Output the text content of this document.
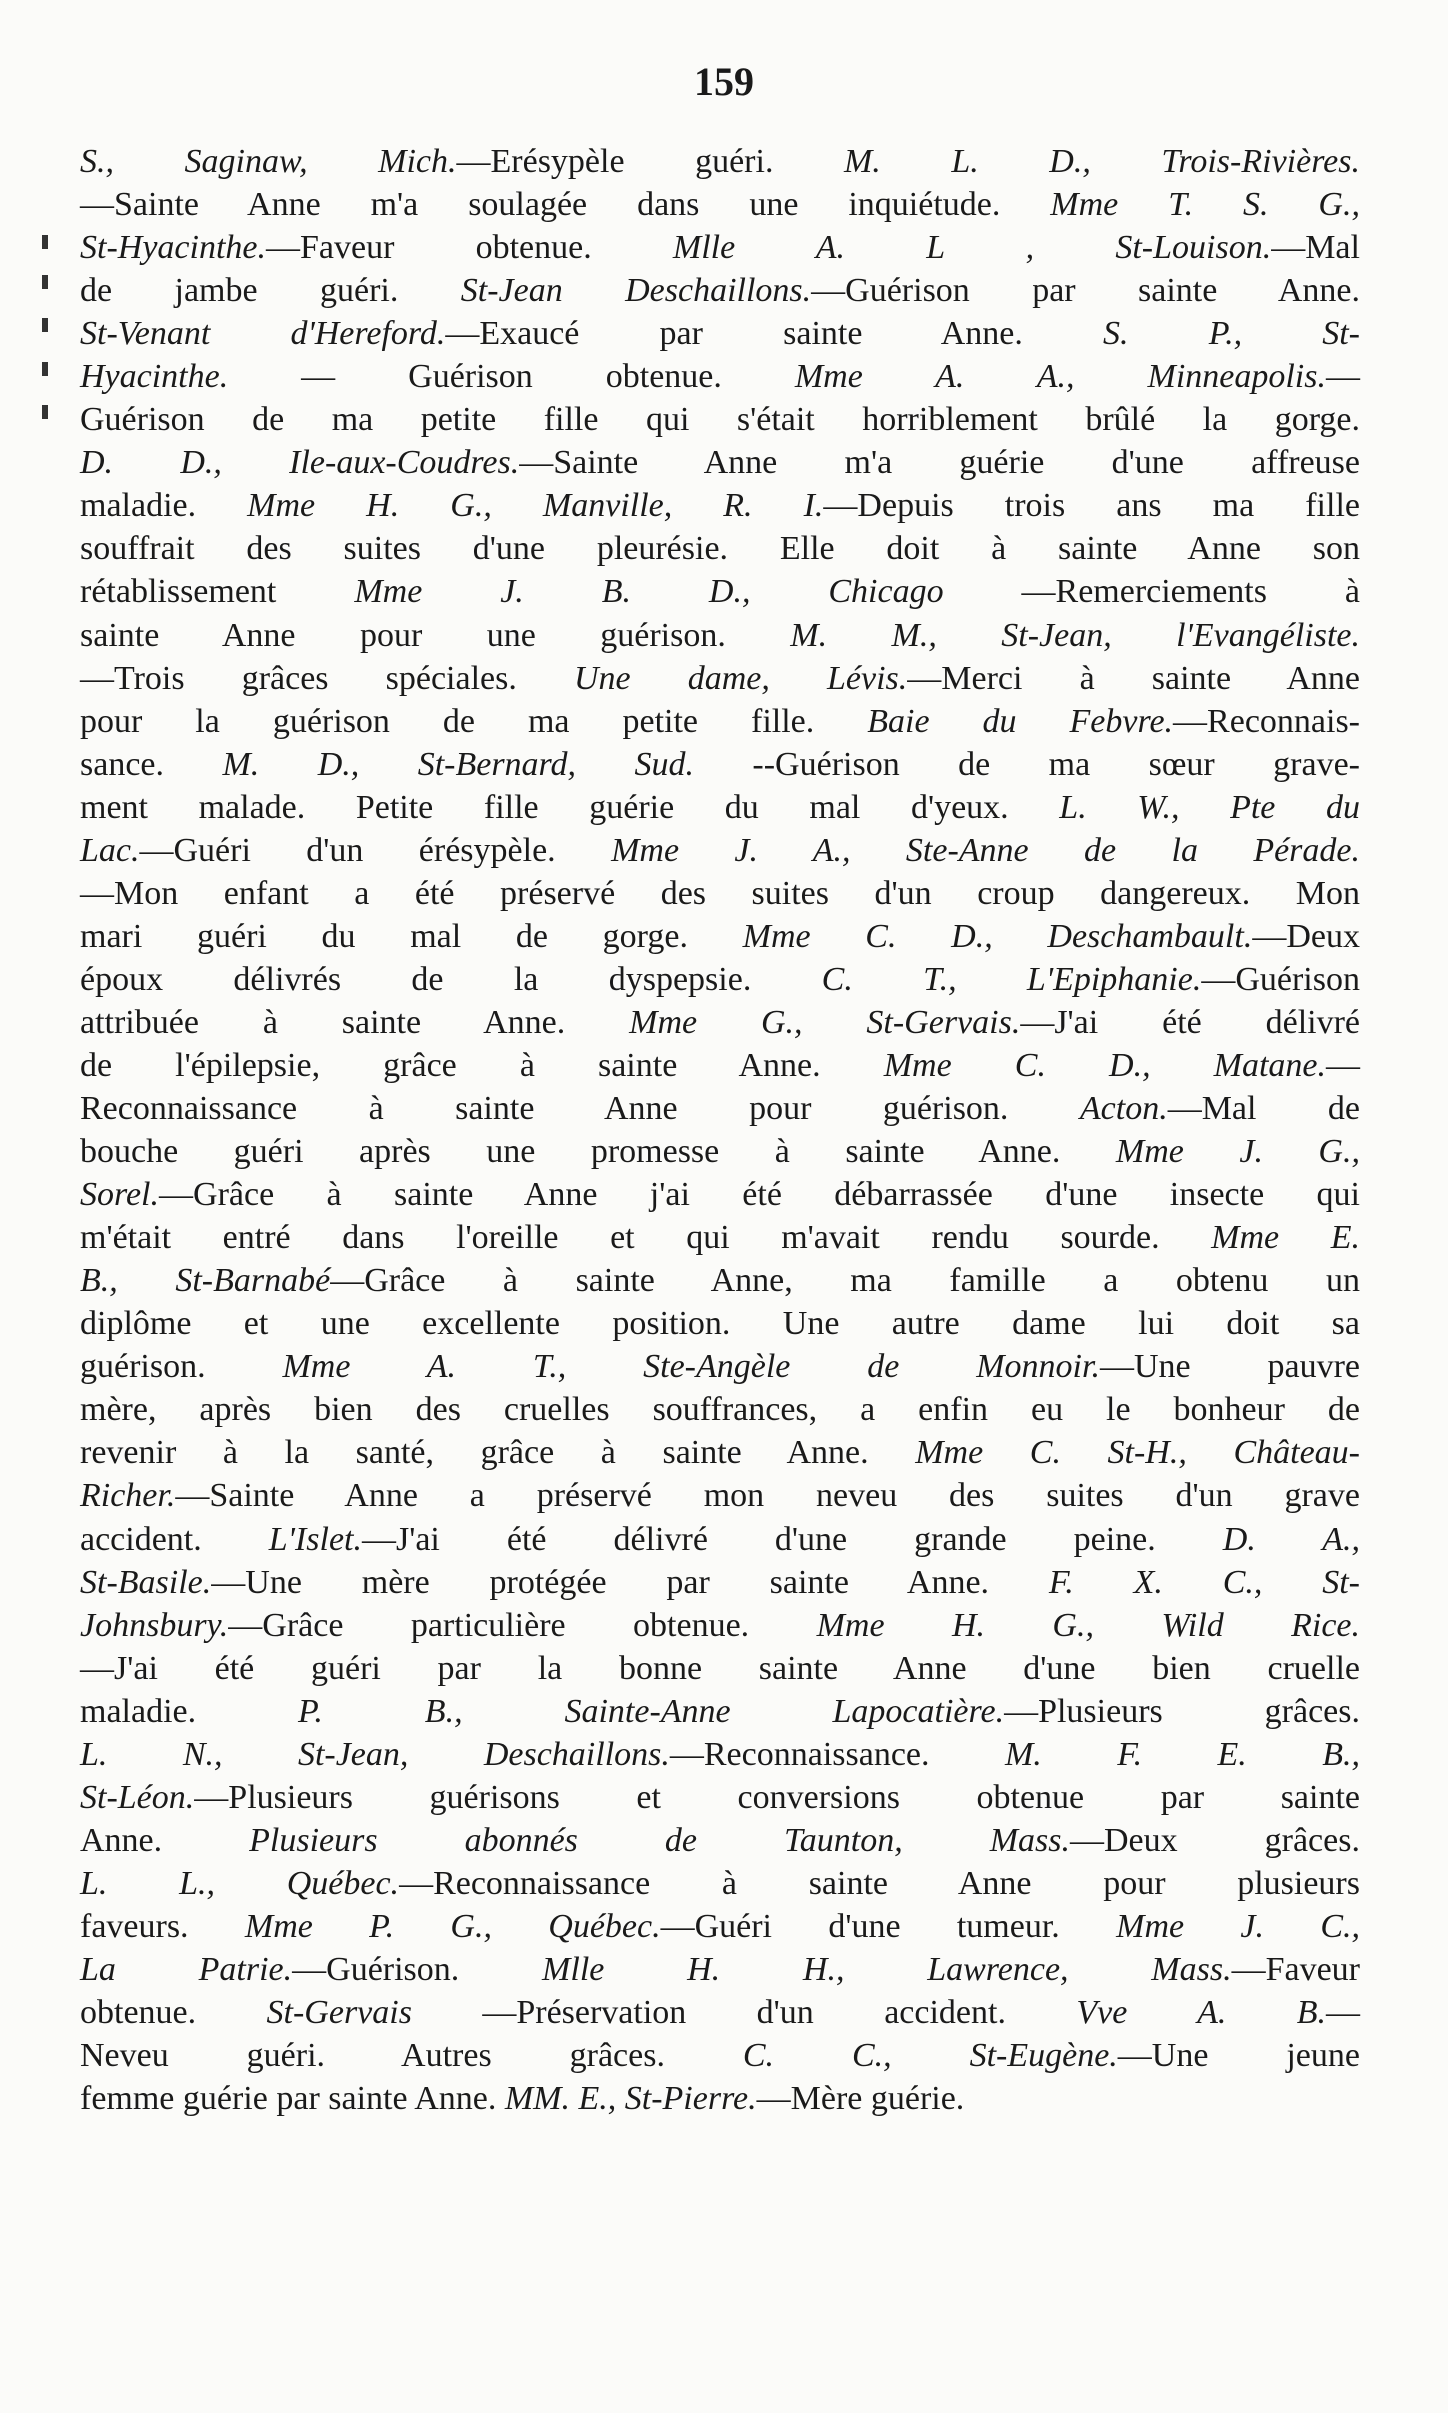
159
S., Saginaw, Mich.—Erésypèle guéri. M. L. D., Trois-Rivières.
—Sainte Anne m'a soulagée dans une inquiétude. Mme T. S. G.,
St-Hyacinthe.—Faveur obtenue. Mlle A. L , St-Louison.—Mal
de jambe guéri. St-Jean Deschaillons.—Guérison par sainte Anne.
St-Venant d'Hereford.—Exaucé par sainte Anne. S. P., St-
Hyacinthe. — Guérison obtenue. Mme A. A., Minneapolis.—
Guérison de ma petite fille qui s'était horriblement brûlé la gorge.
D. D., Ile-aux-Coudres.—Sainte Anne m'a guérie d'une affreuse
maladie. Mme H. G., Manville, R. I.—Depuis trois ans ma fille
souffrait des suites d'une pleurésie. Elle doit à sainte Anne son
rétablissement Mme J. B. D., Chicago —Remerciements à
sainte Anne pour une guérison. M. M., St-Jean, l'Evangéliste.
—Trois grâces spéciales. Une dame, Lévis.—Merci à sainte Anne
pour la guérison de ma petite fille. Baie du Febvre.—Reconnais-
sance. M. D., St-Bernard, Sud. --Guérison de ma sœur grave-
ment malade. Petite fille guérie du mal d'yeux. L. W., Pte du
Lac.—Guéri d'un érésypèle. Mme J. A., Ste-Anne de la Pérade.
—Mon enfant a été préservé des suites d'un croup dangereux. Mon
mari guéri du mal de gorge. Mme C. D., Deschambault.—Deux
époux délivrés de la dyspepsie. C. T., L'Epiphanie.—Guérison
attribuée à sainte Anne. Mme G., St-Gervais.—J'ai été délivré
de l'épilepsie, grâce à sainte Anne. Mme C. D., Matane.—
Reconnaissance à sainte Anne pour guérison. Acton.—Mal de
bouche guéri après une promesse à sainte Anne. Mme J. G.,
Sorel.—Grâce à sainte Anne j'ai été débarrassée d'une insecte qui
m'était entré dans l'oreille et qui m'avait rendu sourde. Mme E.
B., St-Barnabé—Grâce à sainte Anne, ma famille a obtenu un
diplôme et une excellente position. Une autre dame lui doit sa
guérison. Mme A. T., Ste-Angèle de Monnoir.—Une pauvre
mère, après bien des cruelles souffrances, a enfin eu le bonheur de
revenir à la santé, grâce à sainte Anne. Mme C. St-H., Château-
Richer.—Sainte Anne a préservé mon neveu des suites d'un grave
accident. L'Islet.—J'ai été délivré d'une grande peine. D. A.,
St-Basile.—Une mère protégée par sainte Anne. F. X. C., St-
Johnsbury.—Grâce particulière obtenue. Mme H. G., Wild Rice.
—J'ai été guéri par la bonne sainte Anne d'une bien cruelle
maladie. P. B., Sainte-Anne Lapocatière.—Plusieurs grâces.
L. N., St-Jean, Deschaillons.—Reconnaissance. M. F. E. B.,
St-Léon.—Plusieurs guérisons et conversions obtenue par sainte
Anne. Plusieurs abonnés de Taunton, Mass.—Deux grâces.
L. L., Québec.—Reconnaissance à sainte Anne pour plusieurs
faveurs. Mme P. G., Québec.—Guéri d'une tumeur. Mme J. C.,
La Patrie.—Guérison. Mlle H. H., Lawrence, Mass.—Faveur
obtenue. St-Gervais —Préservation d'un accident. Vve A. B.—
Neveu guéri. Autres grâces. C. C., St-Eugène.—Une jeune
femme guérie par sainte Anne. MM. E., St-Pierre.—Mère guérie.
